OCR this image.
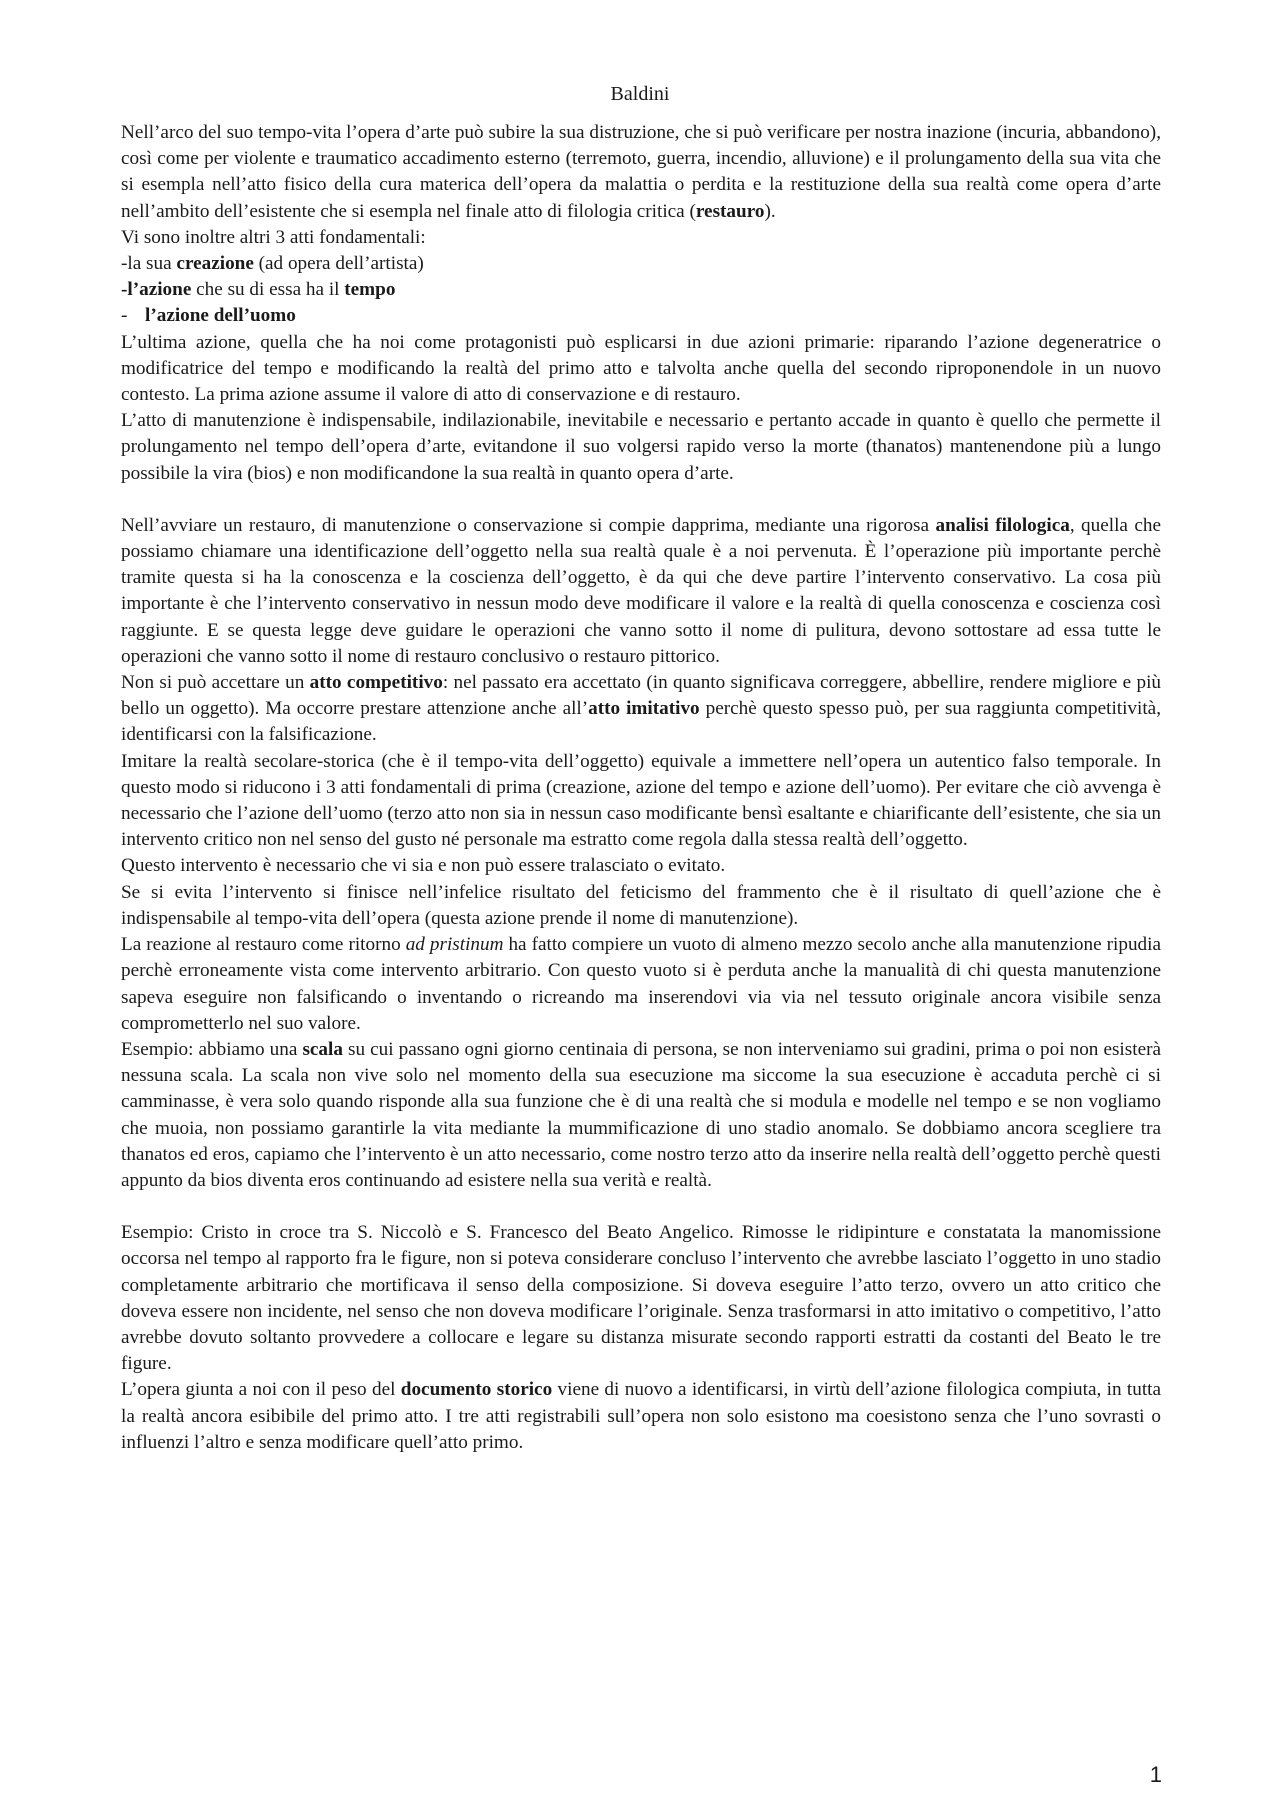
Baldini

Nell’arco del suo tempo-vita l’opera d’arte può subire la sua distruzione, che si può verificare per nostra inazione (incuria, abbandono), così come per violente e traumatico accadimento esterno (terremoto, guerra, incendio, alluvione) e il prolungamento della sua vita che si esempla nell’atto fisico della cura materica dell’opera da malattia o perdita e la restituzione della sua realtà come opera d’arte nell’ambito dell’esistente che si esempla nel finale atto di filologia critica (restauro).

Vi sono inoltre altri 3 atti fondamentali:

-la sua creazione (ad opera dell’artista)

-l’azione che su di essa ha il tempo

- l’azione dell’uomo

L’ultima azione, quella che ha noi come protagonisti può esplicarsi in due azioni primarie: riparando l’azione degeneratrice o modificatrice del tempo e modificando la realtà del primo atto e talvolta anche quella del secondo riproponendole in un nuovo contesto. La prima azione assume il valore di atto di conservazione e di restauro.

L’atto di manutenzione è indispensabile, indilazionabile, inevitabile e necessario e pertanto accade in quanto è quello che permette il prolungamento nel tempo dell’opera d’arte, evitandone il suo volgersi rapido verso la morte (thanatos) mantenendone più a lungo possibile la vira (bios) e non modificandone la sua realtà in quanto opera d’arte.

Nell’avviare un restauro, di manutenzione o conservazione si compie dapprima, mediante una rigorosa analisi filologica, quella che possiamo chiamare una identificazione dell’oggetto nella sua realtà quale è a noi pervenuta. È l’operazione più importante perchè tramite questa si ha la conoscenza e la coscienza dell’oggetto, è da qui che deve partire l’intervento conservativo. La cosa più importante è che l’intervento conservativo in nessun modo deve modificare il valore e la realtà di quella conoscenza e coscienza così raggiunte. E se questa legge deve guidare le operazioni che vanno sotto il nome di pulitura, devono sottostare ad essa tutte le operazioni che vanno sotto il nome di restauro conclusivo o restauro pittorico.

Non si può accettare un atto competitivo: nel passato era accettato (in quanto significava correggere, abbellire, rendere migliore e più bello un oggetto). Ma occorre prestare attenzione anche all’atto imitativo perchè questo spesso può, per sua raggiunta competitività, identificarsi con la falsificazione.

Imitare la realtà secolare-storica (che è il tempo-vita dell’oggetto) equivale a immettere nell’opera un autentico falso temporale. In questo modo si riducono i 3 atti fondamentali di prima (creazione, azione del tempo e azione dell’uomo). Per evitare che ciò avvenga è necessario che l’azione dell’uomo (terzo atto non sia in nessun caso modificante bensì esaltante e chiarificante dell’esistente, che sia un intervento critico non nel senso del gusto né personale ma estratto come regola dalla stessa realtà dell’oggetto.

Questo intervento è necessario che vi sia e non può essere tralasciato o evitato.

Se si evita l’intervento si finisce nell’infelice risultato del feticismo del frammento che è il risultato di quell’azione che è indispensabile al tempo-vita dell’opera (questa azione prende il nome di manutenzione).

La reazione al restauro come ritorno ad pristinum ha fatto compiere un vuoto di almeno mezzo secolo anche alla manutenzione ripudia perchè erroneamente vista come intervento arbitrario. Con questo vuoto si è perduta anche la manualità di chi questa manutenzione sapeva eseguire non falsificando o inventando o ricreando ma inserendovi via via nel tessuto originale ancora visibile senza comprometterlo nel suo valore.

Esempio: abbiamo una scala su cui passano ogni giorno centinaia di persona, se non interveniamo sui gradini, prima o poi non esisterà nessuna scala. La scala non vive solo nel momento della sua esecuzione ma siccome la sua esecuzione è accaduta perchè ci si camminasse, è vera solo quando risponde alla sua funzione che è di una realtà che si modula e modelle nel tempo e se non vogliamo che muoia, non possiamo garantirle la vita mediante la mummificazione di uno stadio anomalo. Se dobbiamo ancora scegliere tra thanatos ed eros, capiamo che l’intervento è un atto necessario, come nostro terzo atto da inserire nella realtà dell’oggetto perchè questi appunto da bios diventa eros continuando ad esistere nella sua verità e realtà.

Esempio: Cristo in croce tra S. Niccolò e S. Francesco del Beato Angelico. Rimosse le ridipinture e constatata la manomissione occorsa nel tempo al rapporto fra le figure, non si poteva considerare concluso l’intervento che avrebbe lasciato l’oggetto in uno stadio completamente arbitrario che mortificava il senso della composizione. Si doveva eseguire l’atto terzo, ovvero un atto critico che doveva essere non incidente, nel senso che non doveva modificare l’originale. Senza trasformarsi in atto imitativo o competitivo, l’atto avrebbe dovuto soltanto provvedere a collocare e legare su distanza misurate secondo rapporti estratti da costanti del Beato le tre figure.

L’opera giunta a noi con il peso del documento storico viene di nuovo a identificarsi, in virtù dell’azione filologica compiuta, in tutta la realtà ancora esibibile del primo atto. I tre atti registrabili sull’opera non solo esistono ma coesistono senza che l’uno sovrasti o influenzi l’altro e senza modificare quell’atto primo.

1
